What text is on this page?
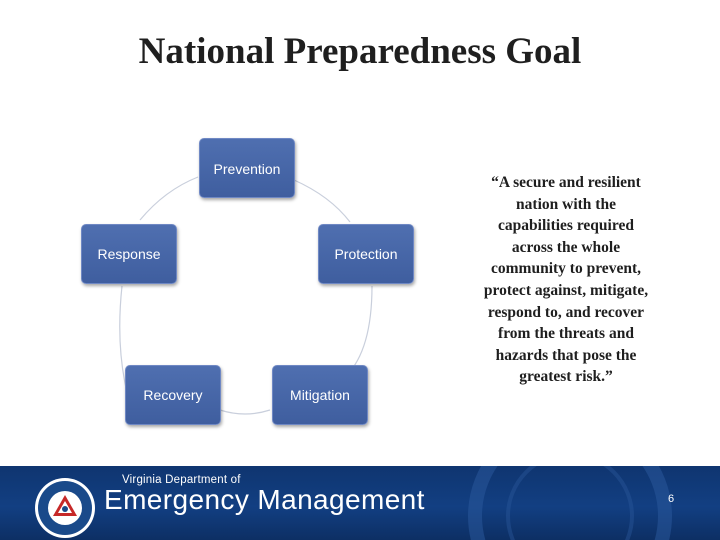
National Preparedness Goal
Prevention
Protection
Mitigation
Recovery
Response
“A secure and resilient
nation with the
capabilities required
across the whole
community to prevent,
protect against, mitigate,
respond to, and recover
from the threats and
hazards that pose the
greatest risk.”
Virginia Department of
Emergency Management	6
